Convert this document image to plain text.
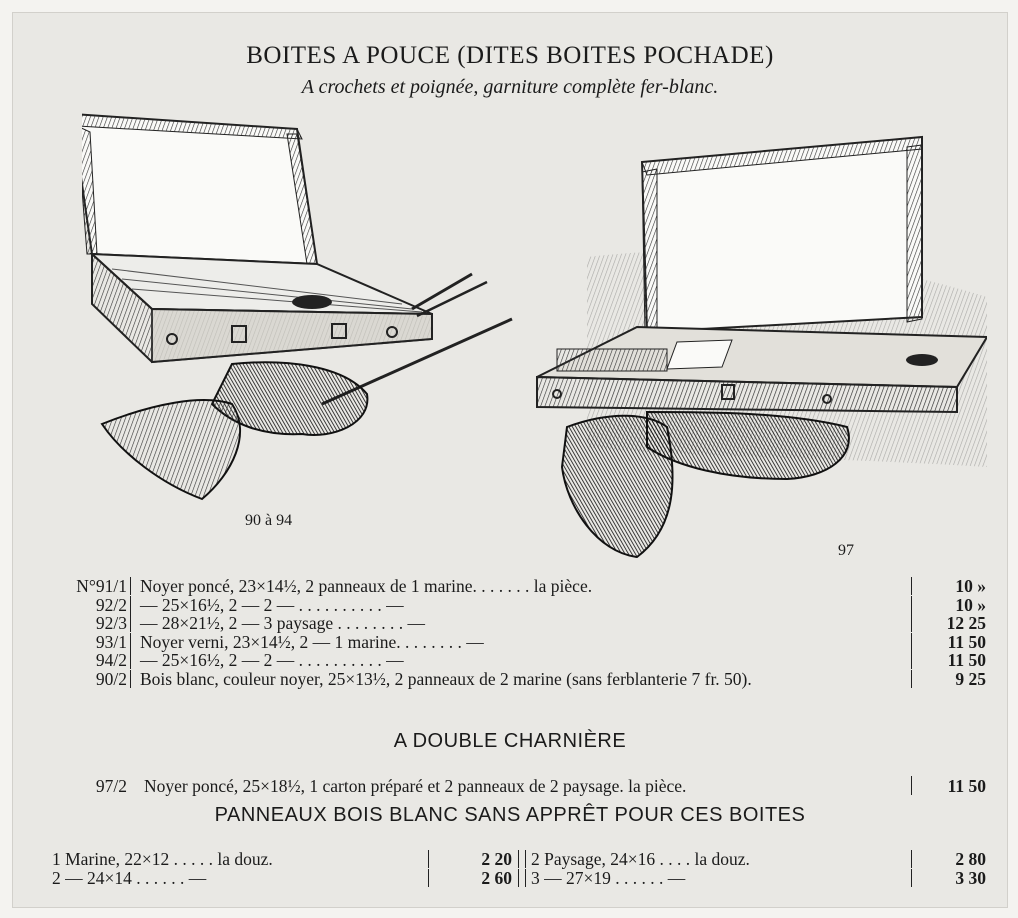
BOITES A POUCE (DITES BOITES POCHADE)
A crochets et poignée, garniture complète fer-blanc.
90 à 94
97
N°91/1 Noyer poncé, 23×14½, 2 panneaux de 1 marine. . . . . . . la pièce.	10 »
92/2 — 25×16½, 2 — 2 — . . . . . . . . . . —	10 »
92/3 — 28×21½, 2 — 3 paysage . . . . . . . . —	12 25
93/1 Noyer verni, 23×14½, 2 — 1 marine. . . . . . . . —	11 50
94/2 — 25×16½, 2 — 2 — . . . . . . . . . . —	11 50
90/2 Bois blanc, couleur noyer, 25×13½, 2 panneaux de 2 marine (sans ferblanterie 7 fr. 50).	9 25
A DOUBLE CHARNIÈRE
97/2 Noyer poncé, 25×18½, 1 carton préparé et 2 panneaux de 2 paysage. la pièce.	11 50
PANNEAUX BOIS BLANC SANS APPRÊT POUR CES BOITES
1 Marine, 22×12 . . . . . la douz.	2 20 2 Paysage, 24×16 . . . . la douz.	2 80
2 — 24×14 . . . . . . —	2 60 3 — 27×19 . . . . . . —	3 30
